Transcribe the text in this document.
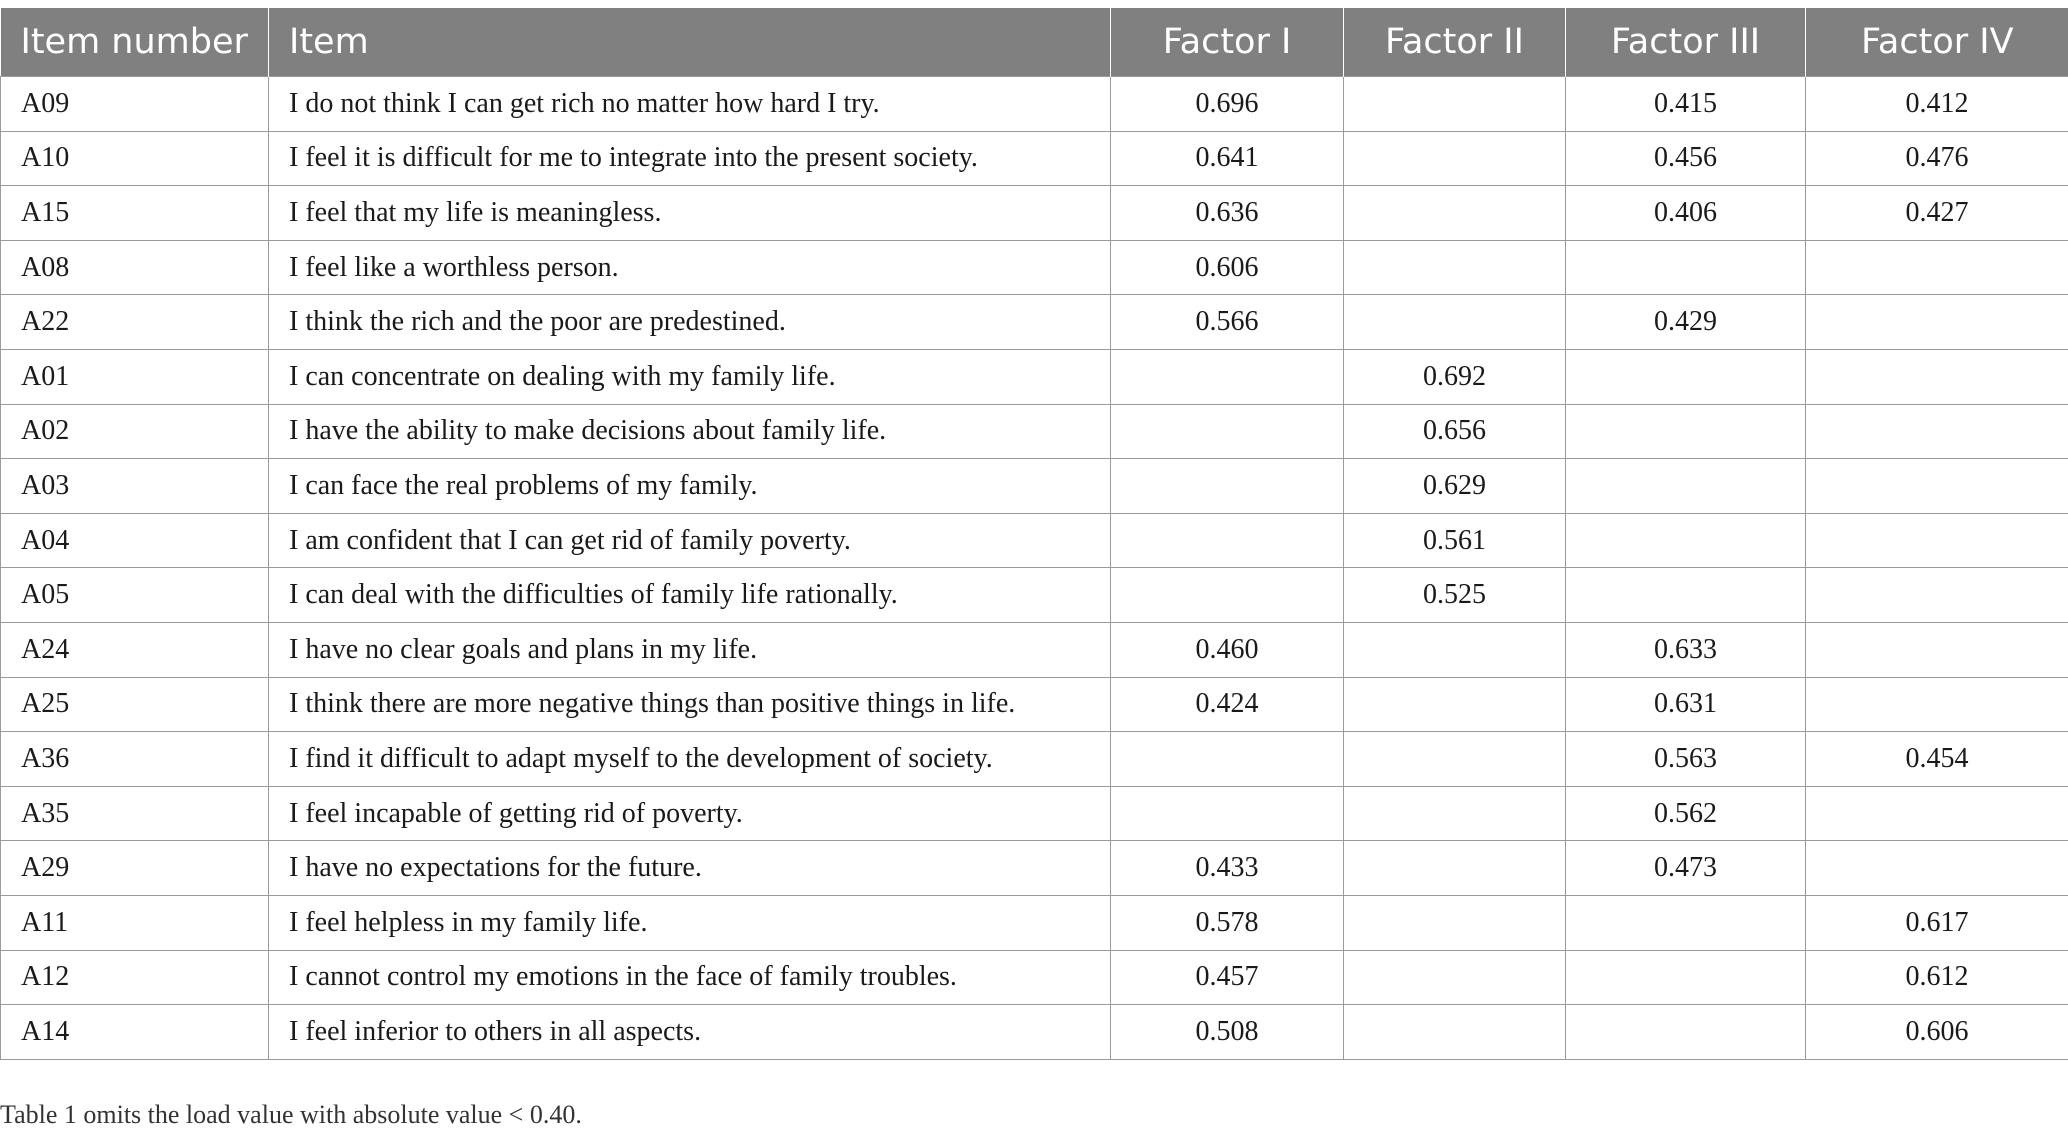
Item number	Item	Factor I	Factor II	Factor III	Factor IV
A09	I do not think I can get rich no matter how hard I try.	0.696		0.415	0.412
A10	I feel it is difficult for me to integrate into the present society.	0.641		0.456	0.476
A15	I feel that my life is meaningless.	0.636		0.406	0.427
A08	I feel like a worthless person.	0.606			
A22	I think the rich and the poor are predestined.	0.566		0.429	
A01	I can concentrate on dealing with my family life.		0.692		
A02	I have the ability to make decisions about family life.		0.656		
A03	I can face the real problems of my family.		0.629		
A04	I am confident that I can get rid of family poverty.		0.561		
A05	I can deal with the difficulties of family life rationally.		0.525		
A24	I have no clear goals and plans in my life.	0.460		0.633	
A25	I think there are more negative things than positive things in life.	0.424		0.631	
A36	I find it difficult to adapt myself to the development of society.			0.563	0.454
A35	I feel incapable of getting rid of poverty.			0.562	
A29	I have no expectations for the future.	0.433		0.473	
A11	I feel helpless in my family life.	0.578			0.617
A12	I cannot control my emotions in the face of family troubles.	0.457			0.612
A14	I feel inferior to others in all aspects.	0.508			0.606
Table 1 omits the load value with absolute value < 0.40.
